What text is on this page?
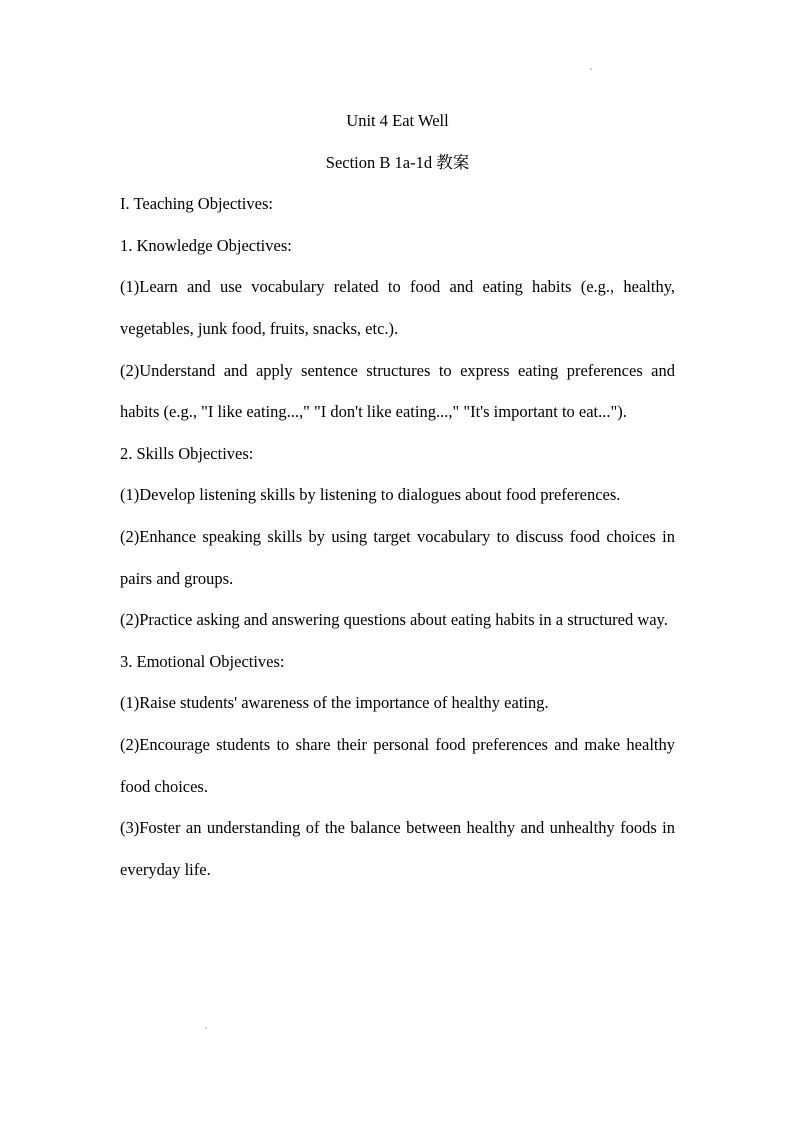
Unit 4 Eat Well

Section B 1a-1d 教案

I. Teaching Objectives:

1. Knowledge Objectives:

(1)Learn and use vocabulary related to food and eating habits (e.g., healthy, vegetables, junk food, fruits, snacks, etc.).

(2)Understand and apply sentence structures to express eating preferences and habits (e.g., "I like eating...," "I don't like eating...," "It's important to eat...").

2. Skills Objectives:

(1)Develop listening skills by listening to dialogues about food preferences.

(2)Enhance speaking skills by using target vocabulary to discuss food choices in pairs and groups.

(2)Practice asking and answering questions about eating habits in a structured way.

3. Emotional Objectives:

(1)Raise students' awareness of the importance of healthy eating.

(2)Encourage students to share their personal food preferences and make healthy food choices.

(3)Foster an understanding of the balance between healthy and unhealthy foods in everyday life.
